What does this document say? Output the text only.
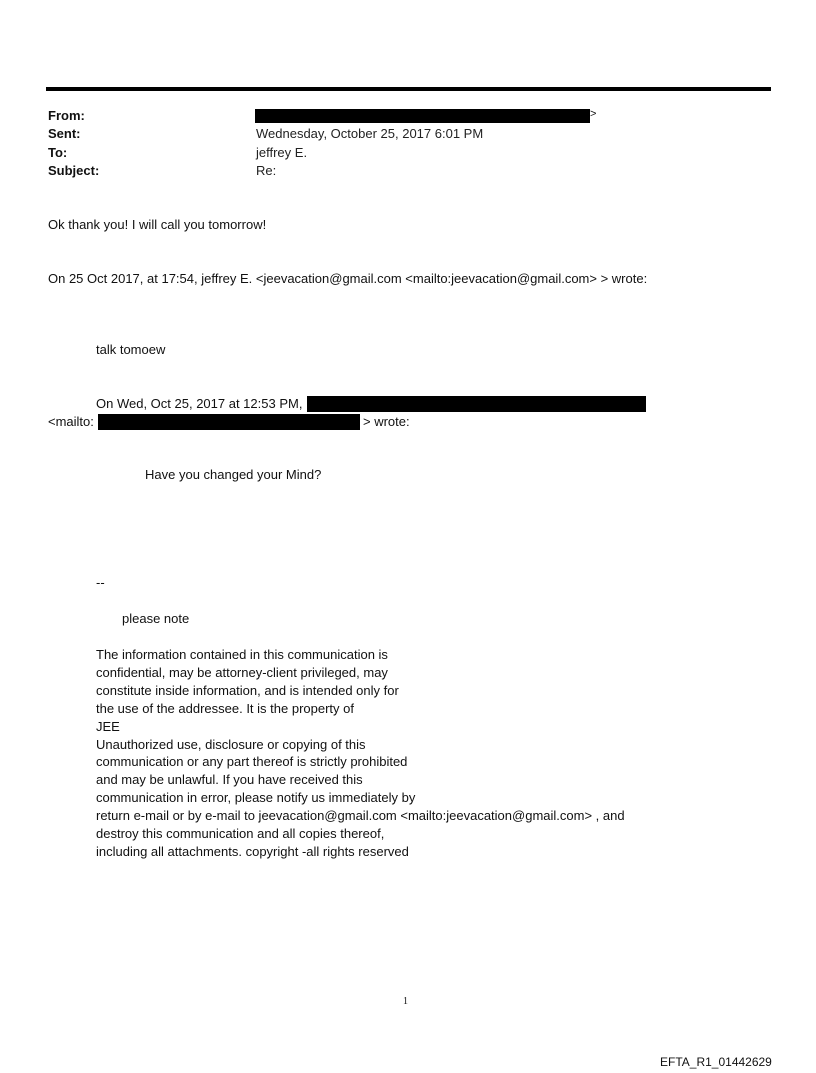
From:	>
Sent:	Wednesday, October 25, 2017 6:01 PM
To:	jeffrey E.
Subject:	Re:
Ok thank you! I will call you tomorrow!
On 25 Oct 2017, at 17:54, jeffrey E. <jeevacation@gmail.com <mailto:jeevacation@gmail.com> > wrote:
talk tomoew
On Wed, Oct 25, 2017 at 12:53 PM,
<mailto:	> wrote:
Have you changed your Mind?
--
please note
The information contained in this communication is
confidential, may be attorney-client privileged, may
constitute inside information, and is intended only for
the use of the addressee. It is the property of
JEE
Unauthorized use, disclosure or copying of this
communication or any part thereof is strictly prohibited
and may be unlawful. If you have received this
communication in error, please notify us immediately by
return e-mail or by e-mail to jeevacation@gmail.com <mailto:jeevacation@gmail.com> , and
destroy this communication and all copies thereof,
including all attachments. copyright -all rights reserved
1
EFTA_R1_01442629
